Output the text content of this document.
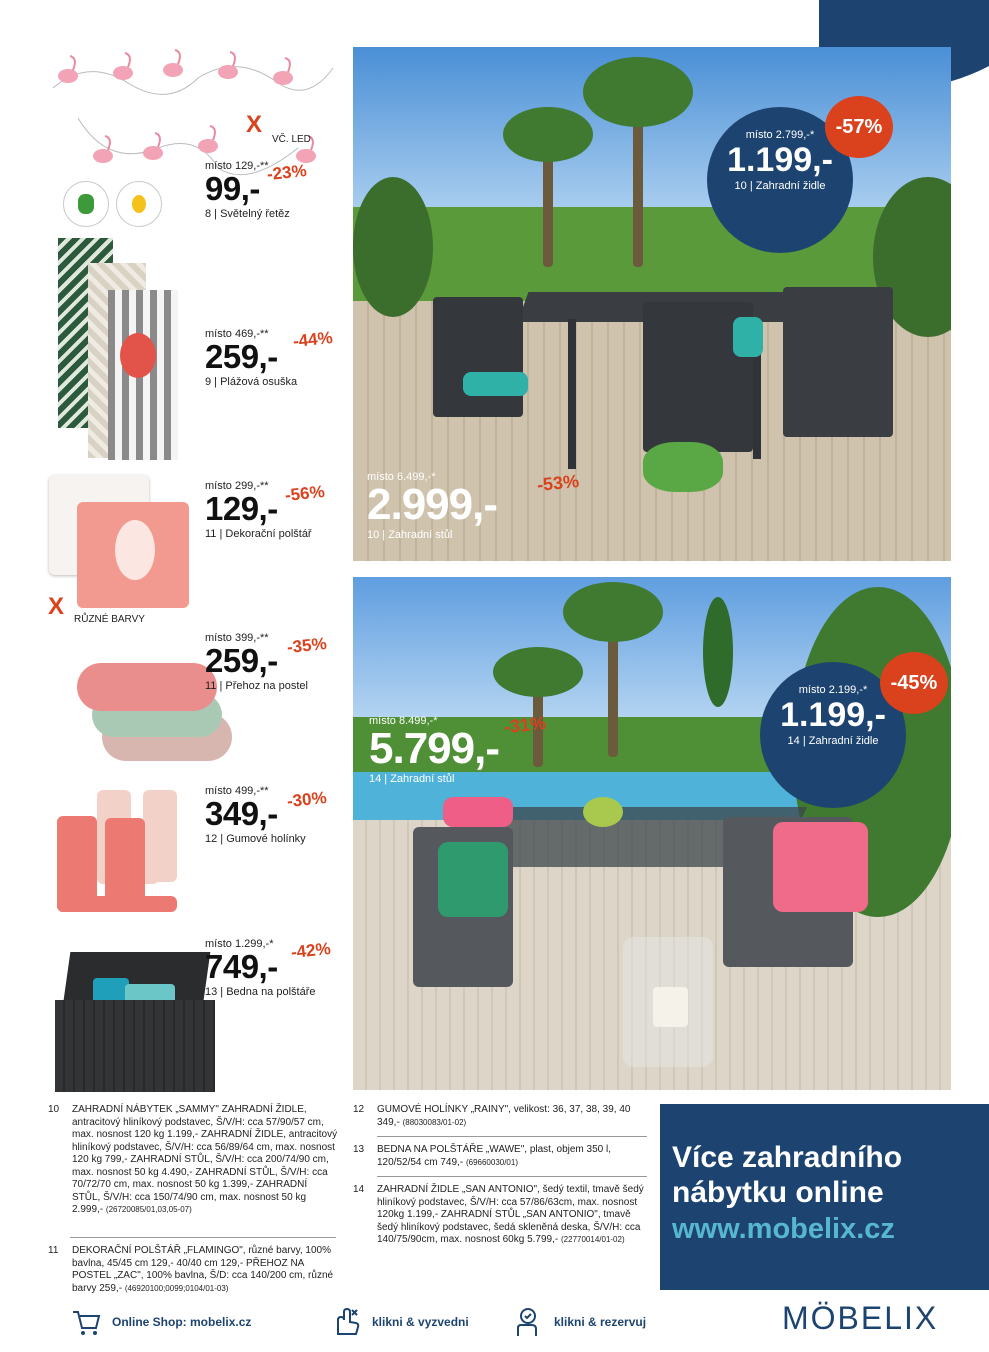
X
VČ. LED
místo 129,-**
99,-
8 | Světelný řetěz
-23%
místo 469,-**
259,-
9 | Plážová osuška
-44%
X RŮZNÉ BARVY
místo 299,-**
129,-
11 | Dekorační polštář
-56%
místo 399,-**
259,-
11 | Přehoz na postel
-35%
místo 499,-**
349,-
12 | Gumové holínky
-30%
místo 1.299,-*
749,-
13 | Bedna na polštáře
-42%
místo 2.799,-*
1.199,-
10 | Zahradní židle
-57%
místo 6.499,-*
2.999,-
10 | Zahradní stůl
-53%
místo 2.199,-*
1.199,-
14 | Zahradní židle
-45%
místo 8.499,-*
5.799,-
14 | Zahradní stůl
-31%
10	ZAHRADNÍ NÁBYTEK „SAMMY" ZAHRADNÍ ŽIDLE, antracitový hliníkový podstavec, Š/V/H: cca 57/90/57 cm, max. nosnost 120 kg 1.199,- ZAHRADNÍ ŽIDLE, antracitový hliníkový podstavec, Š/V/H: cca 56/89/64 cm, max. nosnost 120 kg 799,- ZAHRADNÍ STŮL, Š/V/H: cca 200/74/90 cm, max. nosnost 50 kg 4.490,- ZAHRADNÍ STŮL, Š/V/H: cca 70/72/70 cm, max. nosnost 50 kg 1.399,- ZAHRADNÍ STŮL, Š/V/H: cca 150/74/90 cm, max. nosnost 50 kg 2.999,- (26720085/01,03,05-07)
11	DEKORAČNÍ POLŠTÁŘ „FLAMINGO", různé barvy, 100% bavlna, 45/45 cm 129,- 40/40 cm 129,- PŘEHOZ NA POSTEL „ZAC", 100% bavlna, Š/D: cca 140/200 cm, různé barvy 259,- (46920100;0099;0104/01-03)
12	GUMOVÉ HOLÍNKY „RAINY", velikost: 36, 37, 38, 39, 40 349,- (88030083/01-02)
13	BEDNA NA POLŠTÁŘE „WAWE", plast, objem 350 l, 120/52/54 cm 749,- (69660030/01)
14	ZAHRADNÍ ŽIDLE „SAN ANTONIO", šedý textil, tmavě šedý hliníkový podstavec, Š/V/H: cca 57/86/63cm, max. nosnost 120kg 1.199,- ZAHRADNÍ STŮL „SAN ANTONIO", tmavě šedý hliníkový podstavec, šedá skleněná deska, Š/V/H: cca 140/75/90cm, max. nosnost 60kg 5.799,- (22770014/01-02)
Více zahradního
nábytku online
www.mobelix.cz
Online Shop:
mobelix.cz	klikni & vyzvedni	klikni & rezervuj	MÖBELIX
